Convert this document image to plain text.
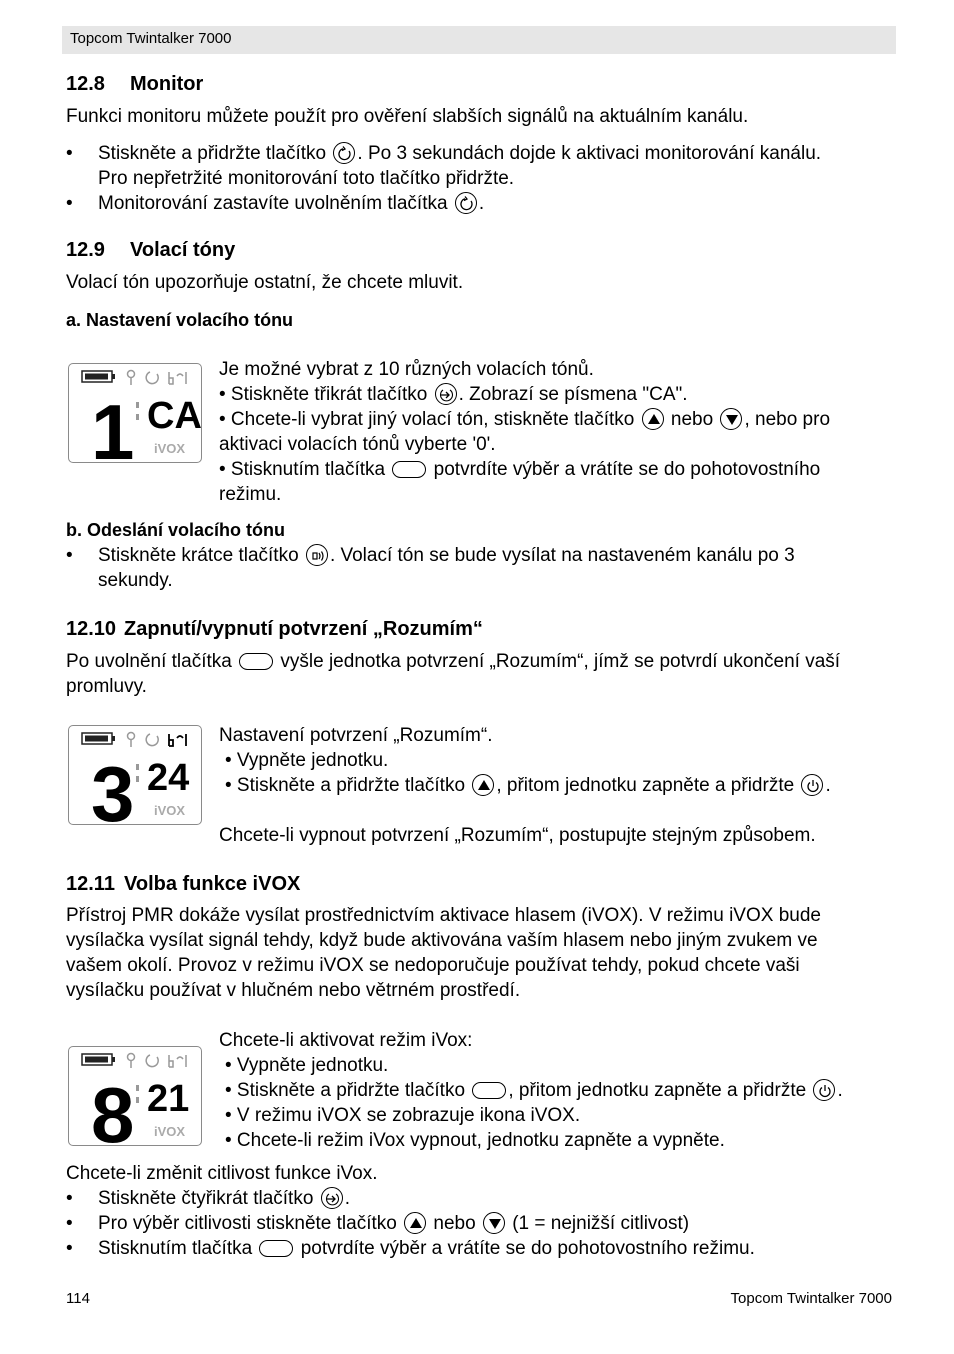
Topcom Twintalker 7000
12.8 Monitor
Funkci monitoru můžete použít pro ověření slabších signálů na aktuálním kanálu.
• Stiskněte a přidržte tlačítko . Po 3 sekundách dojde k aktivaci monitorování kanálu.
Pro nepřetržité monitorování toto tlačítko přidržte.
• Monitorování zastavíte uvolněním tlačítka .
12.9 Volací tóny
Volací tón upozorňuje ostatní, že chcete mluvit.
a. Nastavení volacího tónu
1 CA
iVOX
Je možné vybrat z 10 různých volacích tónů.
• Stiskněte třikrát tlačítko . Zobrazí se písmena "CA".
• Chcete-li vybrat jiný volací tón, stiskněte tlačítko nebo , nebo pro
aktivaci volacích tónů vyberte '0'.
• Stisknutím tlačítka	potvrdíte výběr a vrátíte se do pohotovostního
režimu.
b. Odeslání volacího tónu
• Stiskněte krátce tlačítko . Volací tón se bude vysílat na nastaveném kanálu po 3
sekundy.
12.10 Zapnutí/vypnutí potvrzení „Rozumím“
Po uvolnění tlačítka	vyšle jednotka potvrzení „Rozumím“, jímž se potvrdí ukončení vaší
promluvy.
3 24
iVOX
Nastavení potvrzení „Rozumím“.
• Vypněte jednotku.
• Stiskněte a přidržte tlačítko , přitom jednotku zapněte a přidržte .
Chcete-li vypnout potvrzení „Rozumím“, postupujte stejným způsobem.
12.11 Volba funkce iVOX
Přístroj PMR dokáže vysílat prostřednictvím aktivace hlasem (iVOX). V režimu iVOX bude
vysílačka vysílat signál tehdy, když bude aktivována vaším hlasem nebo jiným zvukem ve
vašem okolí. Provoz v režimu iVOX se nedoporučuje používat tehdy, pokud chcete vaši
vysílačku používat v hlučném nebo větrném prostředí.
8 21
iVOX
Chcete-li aktivovat režim iVox:
• Vypněte jednotku.
• Stiskněte a přidržte tlačítko , přitom jednotku zapněte a přidržte .
• V režimu iVOX se zobrazuje ikona iVOX.
• Chcete-li režim iVox vypnout, jednotku zapněte a vypněte.
Chcete-li změnit citlivost funkce iVox.
• Stiskněte čtyřikrát tlačítko .
• Pro výběr citlivosti stiskněte tlačítko nebo (1 = nejnižší citlivost)
• Stisknutím tlačítka	potvrdíte výběr a vrátíte se do pohotovostního režimu.
114	Topcom Twintalker 7000
